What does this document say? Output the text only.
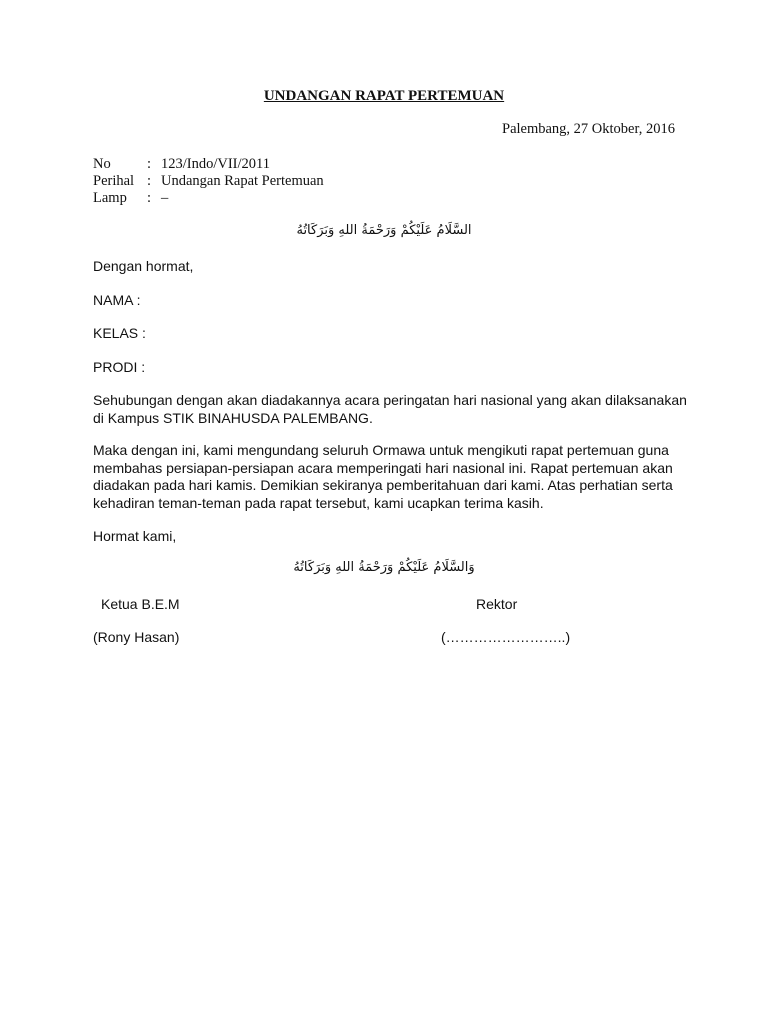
UNDANGAN RAPAT PERTEMUAN
Palembang, 27 Oktober, 2016
No	: 123/Indo/VII/2011
Perihal : Undangan Rapat Pertemuan
Lamp : –
السَّلَامُ عَلَيْكُمْ وَرَحْمَةُ اللهِ وَبَرَكَاتُهُ
Dengan hormat,
NAMA :
KELAS :
PRODI :
Sehubungan dengan akan diadakannya acara peringatan hari nasional yang akan dilaksanakan
di Kampus STIK BINAHUSDA PALEMBANG.
Maka dengan ini, kami mengundang seluruh Ormawa untuk mengikuti rapat pertemuan guna
membahas persiapan-persiapan acara memperingati hari nasional ini. Rapat pertemuan akan
diadakan pada hari kamis. Demikian sekiranya pemberitahuan dari kami. Atas perhatian serta
kehadiran teman-teman pada rapat tersebut, kami ucapkan terima kasih.
Hormat kami,
وَالسَّلَامُ عَلَيْكُمْ وَرَحْمَةُ اللهِ وَبَرَكَاتُهُ
Ketua B.E.M	Rektor
(Rony Hasan)	(……………………..)
